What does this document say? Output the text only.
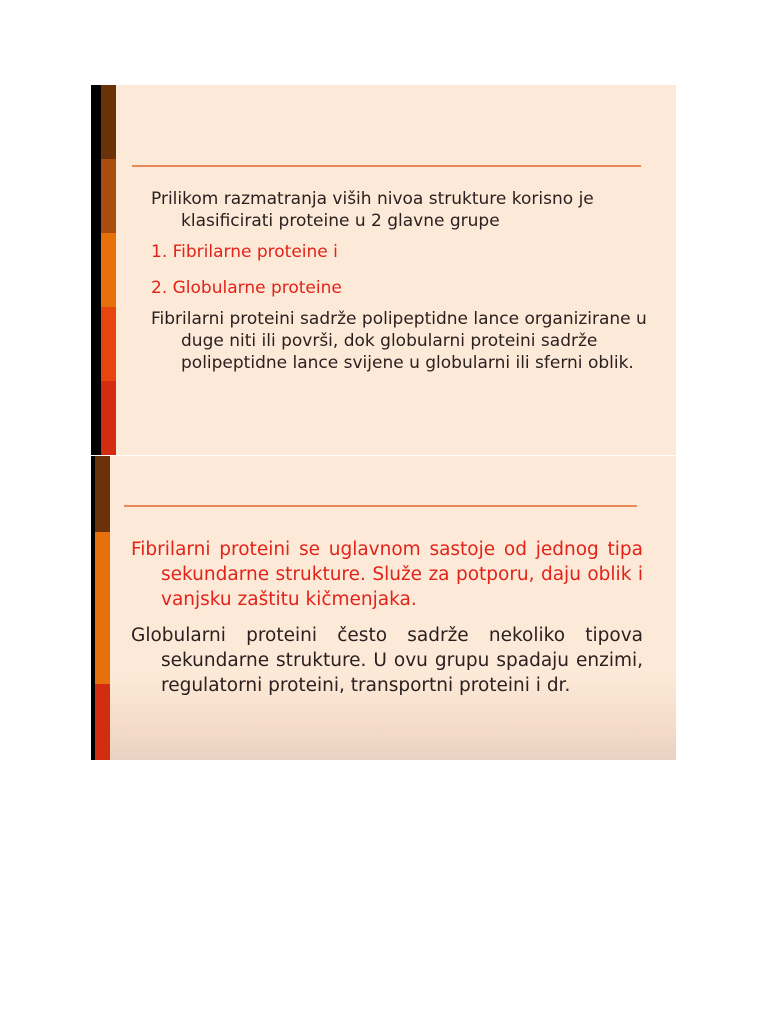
Prilikom razmatranja viših nivoa strukture korisno je klasificirati proteine u 2 glavne grupe

1. Fibrilarne proteine i

2. Globularne proteine

Fibrilarni proteini sadrže polipeptidne lance organizirane u duge niti ili površi, dok globularni proteini sadrže polipeptidne lance svijene u globularni ili sferni oblik.

Fibrilarni proteini se uglavnom sastoje od jednog tipa sekundarne strukture. Služe za potporu, daju oblik i vanjsku zaštitu kičmenjaka.

Globularni proteini često sadrže nekoliko tipova sekundarne strukture. U ovu grupu spadaju enzimi, regulatorni proteini, transportni proteini i dr.
